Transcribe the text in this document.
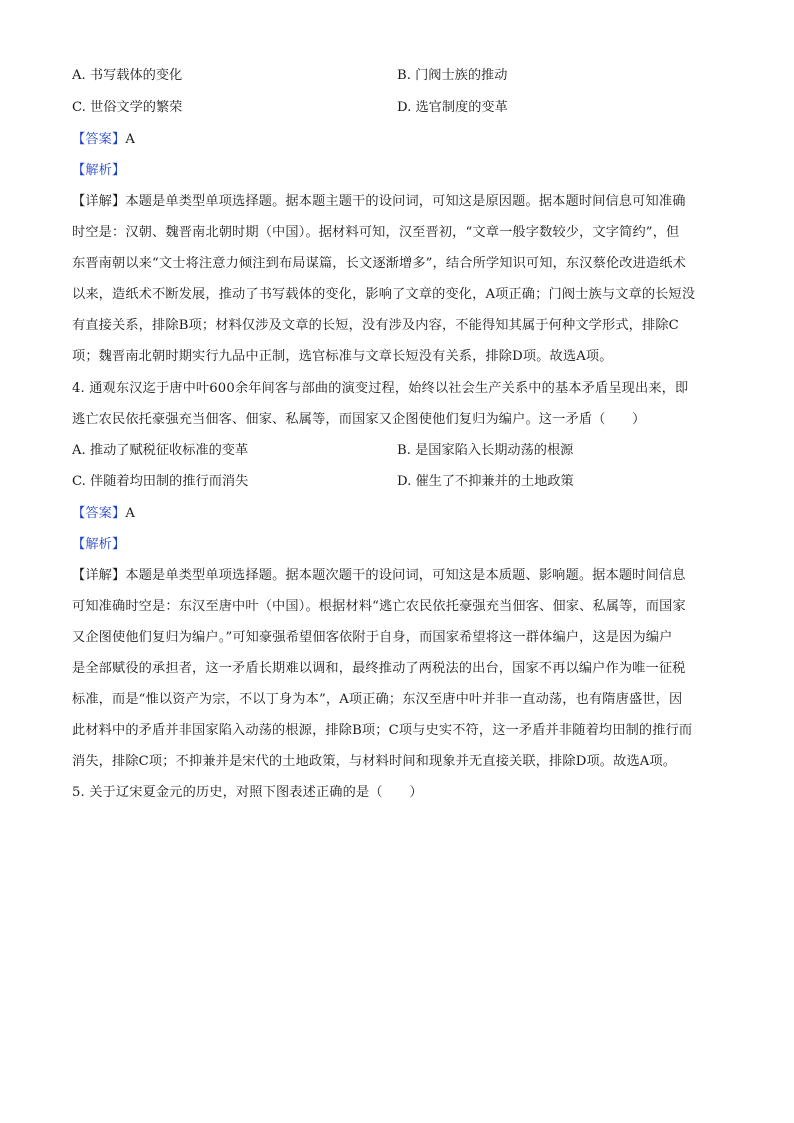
A. 书写载体的变化	B. 门阀士族的推动
C. 世俗文学的繁荣	D. 选官制度的变革
【答案】A
【解析】
【详解】本题是单类型单项选择题。据本题主题干的设问词，可知这是原因题。据本题时间信息可知准确
时空是：汉朝、魏晋南北朝时期（中国）。据材料可知，汉至晋初，“文章一般字数较少，文字简约”，但
东晋南朝以来“文士将注意力倾注到布局谋篇，长文逐渐增多”，结合所学知识可知，东汉蔡伦改进造纸术
以来，造纸术不断发展，推动了书写载体的变化，影响了文章的变化，A项正确；门阀士族与文章的长短没
有直接关系，排除B项；材料仅涉及文章的长短，没有涉及内容，不能得知其属于何种文学形式，排除C
项；魏晋南北朝时期实行九品中正制，选官标准与文章长短没有关系，排除D项。故选A项。
4. 通观东汉迄于唐中叶600余年间客与部曲的演变过程，始终以社会生产关系中的基本矛盾呈现出来，即
逃亡农民依托豪强充当佃客、佃家、私属等，而国家又企图使他们复归为编户。这一矛盾（　　）
A. 推动了赋税征收标准的变革	B. 是国家陷入长期动荡的根源
C. 伴随着均田制的推行而消失	D. 催生了不抑兼并的土地政策
【答案】A
【解析】
【详解】本题是单类型单项选择题。据本题次题干的设问词，可知这是本质题、影响题。据本题时间信息
可知准确时空是：东汉至唐中叶（中国）。根据材料“逃亡农民依托豪强充当佃客、佃家、私属等，而国家
又企图使他们复归为编户。”可知豪强希望佃客依附于自身，而国家希望将这一群体编户，这是因为编户
是全部赋役的承担者，这一矛盾长期难以调和，最终推动了两税法的出台，国家不再以编户作为唯一征税
标准，而是“惟以资产为宗，不以丁身为本”，A项正确；东汉至唐中叶并非一直动荡，也有隋唐盛世，因
此材料中的矛盾并非国家陷入动荡的根源，排除B项；C项与史实不符，这一矛盾并非随着均田制的推行而
消失，排除C项；不抑兼并是宋代的土地政策，与材料时间和现象并无直接关联，排除D项。故选A项。
5. 关于辽宋夏金元的历史，对照下图表述正确的是（　　）
